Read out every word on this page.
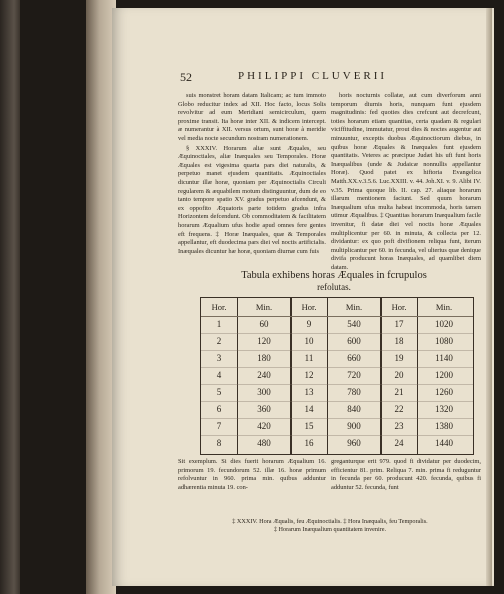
52	PHILIPPI CLUVERII

suis monstret horam datam Italicam; ac tum immoto Globo reducitur index ad XII. Hoc facto, locus Solis revolvitur ad eum Meridiani semicirculum, quem proxime transit. Ita horæ inter XII. & indicem intercept. æ numerantur à XII. versus ortum, sunt horæ à meridie vel media nocte secundum nostram numerationem.

§ XXXIV. Horarum aliæ sunt Æquales, seu Æquinoctiales, aliæ Inæquales seu Temporales. Horæ Æquales est vigesima quarta pars diei naturalis, & perpetuo manet ejusdem quantitatis. Æquinoctiales dicuntur illæ horæ, quoniam per Æquinoctialis Circuli regularem & æquabilem motum distinguuntur, dum de eo tanto tempore spatio XV. gradus perpetuo afcendunt, & ex oppofito Æquatoris parte totidem gradus infra Horizontem defcendunt. Ob commoditatem & facilitatem horarum Æqualium ufus hodie apud omnes fere gentes eft frequens. ‡ Horæ Inæquales, quæ & Temporales appellantur, eft duodecima pars diei vel noctis artificialis. Inæquales dicuntur hæ horæ, quoniam diurnæ cum fuis

horis nocturnis collatæ, aut cum diverforum anni temporum diurnis horis, nunquam funt ejusdem magnitudinis: fed quoties dies crefcunt aut decrefcunt, toties horarum etiam quantitas, certa quadam & regulari viciffitudine, immutatur, prout dies & noctes augentur aut minuuntur, exceptis duobus Æquinoctiorum diebus, in quibus horæ Æquales & Inæquales funt ejusdem quantitatis. Veteres ac præcipue Judæi his ufi funt horis Inæqualibus (unde & Judaicæ nonnullis appellantur Horæ). Quod patet ex hiftoria Evangelica Matth.XX.v.3.5.6. Luc.XXIII. v. 44. Joh.XI. v. 9. Alibi IV. v.35. Prima quoque lib. II. cap. 27. aliaque horarum illarum mentionem faciunt. Sed quum horarum Inæqualium ufus multa habeat incommoda, horis tamen utimur Æqualibus. ‡ Quantitas horarum Inæqualium facile invenitur, fi datæ diei vel noctis horæ Æquales multiplicentur per 60. in minuta, & collecta per 12. dividantur: ex quo poft divifionem reliqua funt, iterum multiplicantur per 60. in fecunda, vel ulterius quæ denique divifa producunt horas Inæquales, ad quamlibet diem datam.

Tabula exhibens horas Æquales in fcrupulos
refolutas.
Hor.	Min.
1	60
2	120
3	180
4	240
5	300
6	360
7	420
8	480
Hor.	Min.
9	540
10	600
11	660
12	720
13	780
14	840
15	900
16	960
Hor.	Min.
17	1020
18	1080
19	1140
20	1200
21	1260
22	1320
23	1380
24	1440
Sit exemplum. Si dies fuerit horarum Æqualium 16. primorum 19. fecundorum 52. illæ 16. horæ primum refolvuntur in 960. prima min. quibus adduntur adhærentia minuta 19. con-
greganturque erit 979. quod fi dividatur per duodecim, efficientur 81. prim. Reliqua 7. min. prima fi reduguntur in fecunda per 60. producunt 420. fecunda, quibus fi adduntur 52. fecunda, funt
‡ XXXIV. Hora Æqualis, feu Æquinoctialis. ‡ Hora Inæqualis, feu Temporalis.
‡ Horarum Inæqualium quantitatem invenire.
